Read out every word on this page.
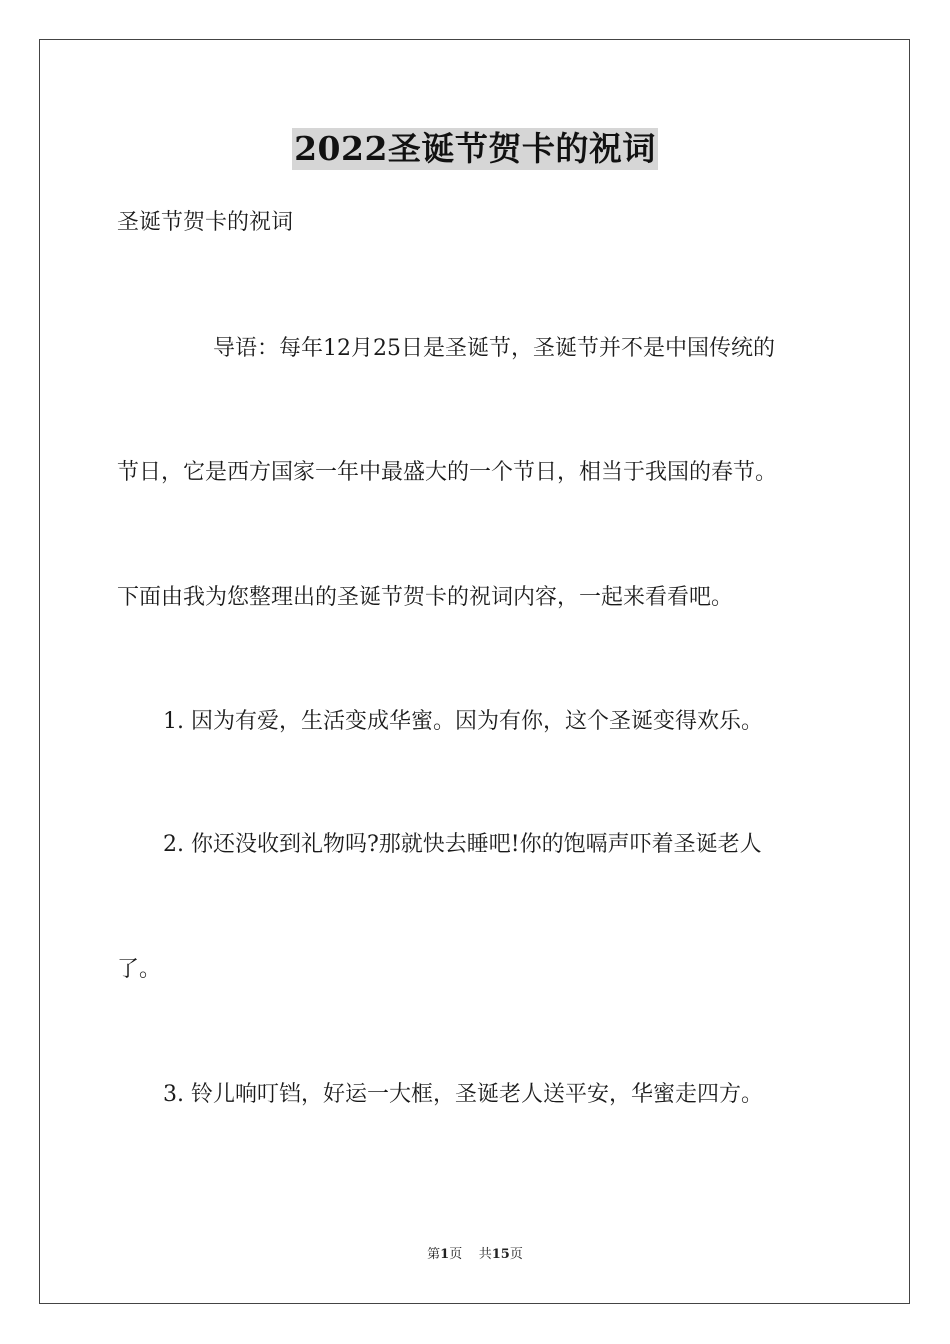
2022圣诞节贺卡的祝词
圣诞节贺卡的祝词
导语：每年12月25日是圣诞节，圣诞节并不是中国传统的
节日，它是西方国家一年中最盛大的一个节日，相当于我国的春节。
下面由我为您整理出的圣诞节贺卡的祝词内容，一起来看看吧。
1. 因为有爱，生活变成华蜜。因为有你，这个圣诞变得欢乐。
2. 你还没收到礼物吗?那就快去睡吧!你的饱嗝声吓着圣诞老人
了。
3. 铃儿响叮铛，好运一大框，圣诞老人送平安，华蜜走四方。
第1页    共15页
